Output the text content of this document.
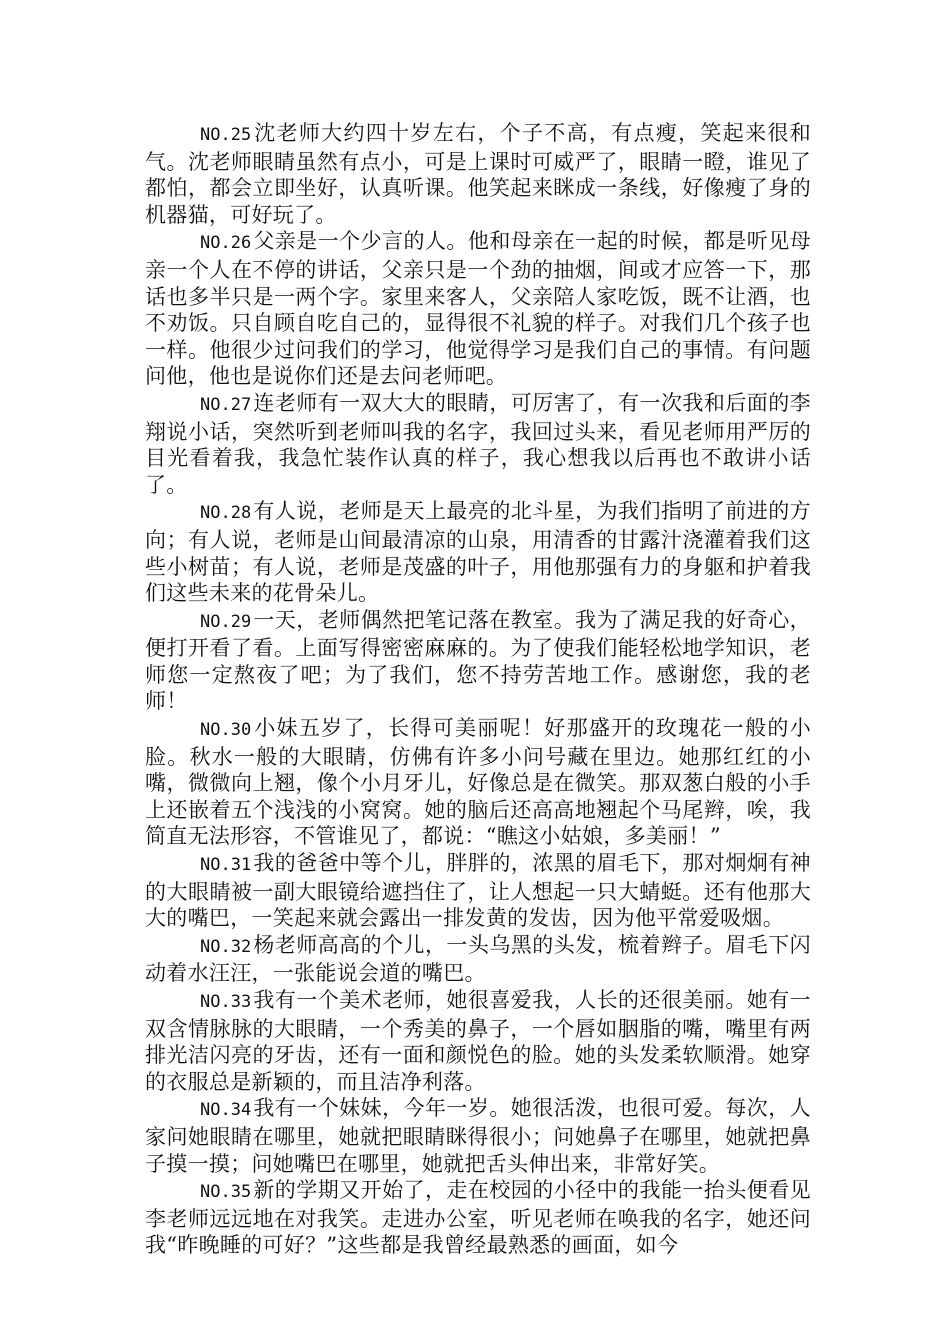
NO.25沈老师大约四十岁左右，个子不高，有点瘦，笑起来很和气。沈老师眼睛虽然有点小，可是上课时可威严了，眼睛一瞪，谁见了都怕，都会立即坐好，认真听课。他笑起来眯成一条线，好像瘦了身的机器猫，可好玩了。

NO.26父亲是一个少言的人。他和母亲在一起的时候，都是听见母亲一个人在不停的讲话，父亲只是一个劲的抽烟，间或才应答一下，那话也多半只是一两个字。家里来客人，父亲陪人家吃饭，既不让酒，也不劝饭。只自顾自吃自己的，显得很不礼貌的样子。对我们几个孩子也一样。他很少过问我们的学习，他觉得学习是我们自己的事情。有问题问他，他也是说你们还是去问老师吧。

NO.27连老师有一双大大的眼睛，可厉害了，有一次我和后面的李翔说小话，突然听到老师叫我的名字，我回过头来，看见老师用严厉的目光看着我，我急忙装作认真的样子，我心想我以后再也不敢讲小话了。

NO.28有人说，老师是天上最亮的北斗星，为我们指明了前进的方向；有人说，老师是山间最清凉的山泉，用清香的甘露汁浇灌着我们这些小树苗；有人说，老师是茂盛的叶子，用他那强有力的身躯和护着我们这些未来的花骨朵儿。

NO.29一天，老师偶然把笔记落在教室。我为了满足我的好奇心，便打开看了看。上面写得密密麻麻的。为了使我们能轻松地学知识，老师您一定熬夜了吧；为了我们，您不持劳苦地工作。感谢您，我的老师！

NO.30小妹五岁了，长得可美丽呢！好那盛开的玫瑰花一般的小脸。秋水一般的大眼睛，仿佛有许多小问号藏在里边。她那红红的小嘴，微微向上翘，像个小月牙儿，好像总是在微笑。那双葱白般的小手上还嵌着五个浅浅的小窝窝。她的脑后还高高地翘起个马尾辫，唉，我简直无法形容，不管谁见了，都说：“瞧这小姑娘，多美丽！”

NO.31我的爸爸中等个儿，胖胖的，浓黑的眉毛下，那对炯炯有神的大眼睛被一副大眼镜给遮挡住了，让人想起一只大蜻蜓。还有他那大大的嘴巴，一笑起来就会露出一排发黄的发齿，因为他平常爱吸烟。

NO.32杨老师高高的个儿，一头乌黑的头发，梳着辫子。眉毛下闪动着水汪汪，一张能说会道的嘴巴。

NO.33我有一个美术老师，她很喜爱我，人长的还很美丽。她有一双含情脉脉的大眼睛，一个秀美的鼻子，一个唇如胭脂的嘴，嘴里有两排光洁闪亮的牙齿，还有一面和颜悦色的脸。她的头发柔软顺滑。她穿的衣服总是新颖的，而且洁净利落。

NO.34我有一个妹妹，今年一岁。她很活泼，也很可爱。每次，人家问她眼睛在哪里，她就把眼睛眯得很小；问她鼻子在哪里，她就把鼻子摸一摸；问她嘴巴在哪里，她就把舌头伸出来，非常好笑。

NO.35新的学期又开始了，走在校园的小径中的我能一抬头便看见李老师远远地在对我笑。走进办公室，听见老师在唤我的名字，她还问我“昨晚睡的可好？”这些都是我曾经最熟悉的画面，如今
